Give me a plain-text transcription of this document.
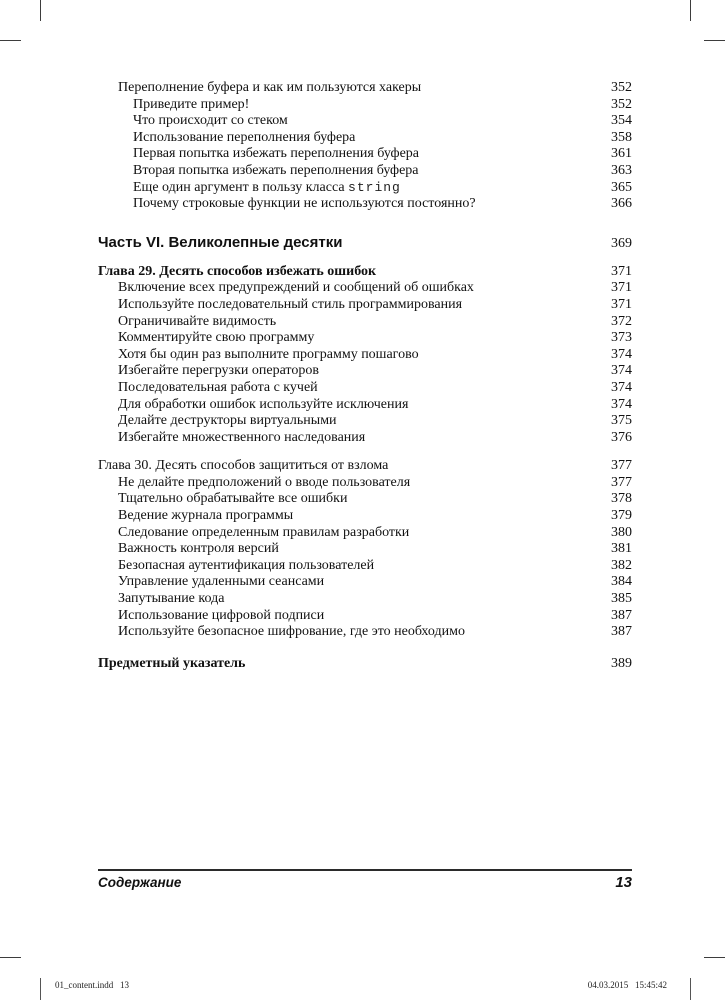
Переполнение буфера и как им пользуются хакеры	352
Приведите пример!	352
Что происходит со стеком	354
Использование переполнения буфера	358
Первая попытка избежать переполнения буфера	361
Вторая попытка избежать переполнения буфера	363
Еще один аргумент в пользу класса string	365
Почему строковые функции не используются постоянно?	366
Часть VI. Великолепные десятки	369
Глава 29. Десять способов избежать ошибок	371
Включение всех предупреждений и сообщений об ошибках	371
Используйте последовательный стиль программирования	371
Ограничивайте видимость	372
Комментируйте свою программу	373
Хотя бы один раз выполните программу пошагово	374
Избегайте перегрузки операторов	374
Последовательная работа с кучей	374
Для обработки ошибок используйте исключения	374
Делайте деструкторы виртуальными	375
Избегайте множественного наследования	376
Глава 30. Десять способов защититься от взлома	377
Не делайте предположений о вводе пользователя	377
Тщательно обрабатывайте все ошибки	378
Ведение журнала программы	379
Следование определенным правилам разработки	380
Важность контроля версий	381
Безопасная аутентификация пользователей	382
Управление удаленными сеансами	384
Запутывание кода	385
Использование цифровой подписи	387
Используйте безопасное шифрование, где это необходимо	387
Предметный указатель	389
Содержание	13
01_content.indd   13	04.03.2015   15:45:42
